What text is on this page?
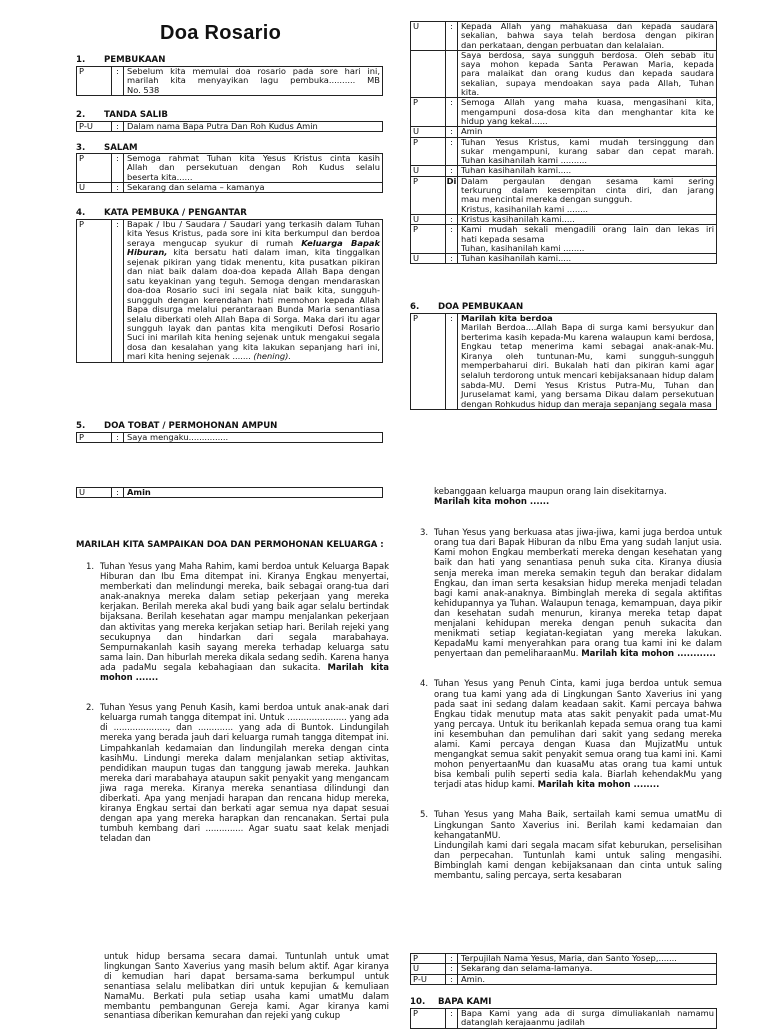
Doa Rosario
1. PEMBUKAAN
P	:	Sebelum kita memulai doa rosario pada sore hari ini,
marilah kita menyayikan lagu pembuka.......... MB
No. 538
2. TANDA SALIB
P-U	:	Dalam nama Bapa Putra Dan Roh Kudus Amin
3. SALAM
P	:	Semoga rahmat Tuhan kita Yesus Kristus cinta kasih
Allah dan persekutuan dengan Roh Kudus selalu
beserta kita......

U	:	Sekarang dan selama – kamanya
4. KATA PEMBUKA / PENGANTAR
P	:	Bapak / Ibu / Saudara / Saudari yang terkasih dalam Tuhan kita Yesus Kristus, pada sore ini kita berkumpul dan berdoa seraya mengucap syukur di rumah Keluarga Bapak Hiburan, kita bersatu hati dalam iman, kita tinggalkan sejenak pikiran yang tidak menentu, kita pusatkan pikiran dan niat baik dalam doa-doa kepada Allah Bapa dengan satu keyakinan yang teguh. Semoga dengan mendaraskan doa-doa Rosario suci ini segala niat baik kita, sungguh-sungguh dengan kerendahan hati memohon kepada Allah Bapa disurga melalui perantaraan Bunda Maria senantiasa selalu diberkati oleh Allah Bapa di Sorga. Maka dari itu agar sungguh layak dan pantas kita mengikuti Defosi Rosario Suci ini marilah kita hening sejenak untuk mengakui segala dosa dan kesalahan yang kita lakukan sepanjang hari ini, mari kita hening sejenak ....... (hening).
5. DOA TOBAT / PERMOHONAN AMPUN
P	:	Saya mengaku...............
U	:	Kepada Allah yang mahakuasa dan kepada saudara
sekalian, bahwa saya telah berdosa dengan pikiran
dan perkataan, dengan perbuatan dan kelalaian.

		Saya berdosa, saya sungguh berdosa. Oleh sebab itu
saya mohon kepada Santa Perawan Maria, kepada
para malaikat dan orang kudus dan kepada saudara
sekalian, supaya mendoakan saya pada Allah, Tuhan
kita.

P	:	Semoga Allah yang maha kuasa, mengasihani kita,
mengampuni dosa-dosa kita dan menghantar kita ke
hidup yang kekal......

U	:	Amin

P	:	Tuhan Yesus Kristus, kami mudah tersinggung dan
sukar mengampuni, kurang sabar dan cepat marah.
Tuhan kasihanilah kami ..........

U	:	Tuhan kasihanilah kami.....

P	Di	Dalam pergaulan dengan sesama kami sering
terkurung dalam kesempitan cinta diri, dan jarang
mau mencintai mereka dengan sungguh.
Kristus, kasihanilah kami ........

U	:	Kristus kasihanilah kami.....

P	:	Kami mudah sekali mengadili orang lain dan lekas iri
hati kepada sesama
Tuhan, kasihanilah kami ........

U	:	Tuhan kasihanilah kami.....
6. DOA PEMBUKAAN
P	:	Marilah kita berdoa
Marilah Berdoa....Allah Bapa di surga kami bersyukur dan berterima kasih kepada-Mu karena walaupun kami berdosa, Engkau tetap menerima kami sebagai anak-anak-Mu. Kiranya oleh tuntunan-Mu, kami sungguh-sungguh memperbaharui diri. Bukalah hati dan pikiran kami agar selaluh terdorong untuk mencari kebijaksanaan hidup dalam sabda-MU. Demi Yesus Kristus Putra-Mu, Tuhan dan Juruselamat kami, yang bersama Dikau dalam persekutuan dengan Rohkudus hidup dan meraja sepanjang segala masa
U	:	Amin
MARILAH KITA SAMPAIKAN DOA DAN PERMOHONAN KELUARGA :
1. Tuhan Yesus yang Maha Rahim, kami berdoa untuk Keluarga Bapak Hiburan dan Ibu Ema ditempat ini. Kiranya Engkau menyertai, memberkati dan melindungi mereka, baik sebagai orang-tua dari anak-anaknya mereka dalam setiap pekerjaan yang mereka kerjakan. Berilah mereka akal budi yang baik agar selalu bertindak bijaksana. Berilah kesehatan agar mampu menjalankan pekerjaan dan aktivitas yang mereka kerjakan setiap hari. Berilah rejeki yang secukupnya dan hindarkan dari segala marabahaya. Sempurnakanlah kasih sayang mereka terhadap keluarga satu sama lain. Dan hiburlah mereka dikala sedang sedih. Karena hanya ada padaMu segala kebahagiaan dan sukacita. Marilah kita mohon .......
2. Tuhan Yesus yang Penuh Kasih, kami berdoa untuk anak-anak dari keluarga rumah tangga ditempat ini. Untuk ...................... yang ada di ...................., dan ............. yang ada di Buntok. Lindungilah mereka yang berada jauh dari keluarga rumah tangga ditempat ini. Limpahkanlah kedamaian dan lindungilah mereka dengan cinta kasihMu. Lindungi mereka dalam menjalankan setiap aktivitas, pendidikan maupun tugas dan tanggung jawab mereka. Jauhkan mereka dari marabahaya ataupun sakit penyakit yang mengancam jiwa raga mereka. Kiranya mereka senantiasa dilindungi dan diberkati. Apa yang menjadi harapan dan rencana hidup mereka, kiranya Engkau sertai dan berkati agar semua nya dapat sesuai dengan apa yang mereka harapkan dan rencanakan. Sertai pula tumbuh kembang dari .............. Agar suatu saat kelak menjadi teladan dan
kebanggaan keluarga maupun orang lain disekitarnya.
Marilah kita mohon ......
3. Tuhan Yesus yang berkuasa atas jiwa-jiwa, kami juga berdoa untuk orang tua dari Bapak Hiburan da nIbu Ema yang sudah lanjut usia. Kami mohon Engkau memberkati mereka dengan kesehatan yang baik dan hati yang senantiasa penuh suka cita. Kiranya diusia senja mereka iman mereka semakin teguh dan berakar didalam Engkau, dan iman serta kesaksian hidup mereka menjadi teladan bagi kami anak-anaknya. Bimbinglah mereka di segala aktifitas kehidupannya ya Tuhan. Walaupun tenaga, kemampuan, daya pikir dan kesehatan sudah menurun, kiranya mereka tetap dapat menjalani kehidupan mereka dengan penuh sukacita dan menikmati setiap kegiatan-kegiatan yang mereka lakukan. KepadaMu kami menyerahkan para orang tua kami ini ke dalam penyertaan dan pemeliharaanMu. Marilah kita mohon ............
4. Tuhan Yesus yang Penuh Cinta, kami juga berdoa untuk semua orang tua kami yang ada di Lingkungan Santo Xaverius ini yang pada saat ini sedang dalam keadaan sakit. Kami percaya bahwa Engkau tidak menutup mata atas sakit penyakit pada umat-Mu yang percaya. Untuk itu berikanlah kepada semua orang tua kami ini kesembuhan dan pemulihan dari sakit yang sedang mereka alami. Kami percaya dengan Kuasa dan MujizatMu untuk mengangkat semua sakit penyakit semua orang tua kami ini. Kami mohon penyertaanMu dan kuasaMu atas orang tua kami untuk bisa kembali pulih seperti sedia kala. Biarlah kehendakMu yang terjadi atas hidup kami. Marilah kita mohon ........
5. Tuhan Yesus yang Maha Baik, sertailah kami semua umatMu di Lingkungan Santo Xaverius ini. Berilah kami kedamaian dan kehangatanMU.
Lindungilah kami dari segala macam sifat keburukan, perselisihan dan perpecahan. Tuntunlah kami untuk saling mengasihi. Bimbinglah kami dengan kebijaksanaan dan cinta untuk saling membantu, saling percaya, serta kesabaran
untuk hidup bersama secara damai. Tuntunlah untuk umat lingkungan Santo Xaverius yang masih belum aktif. Agar kiranya di kemudian hari dapat bersama-sama berkumpul untuk senantiasa selalu melibatkan diri untuk kepujian & kemuliaan NamaMu. Berkati pula setiap usaha kami umatMu dalam membantu pembangunan Gereja kami. Agar kiranya kami senantiasa diberikan kemurahan dan rejeki yang cukup
P	:	Terpujilah Nama Yesus, Maria, dan Santo Yosep,.......
U	:	Sekarang dan selama-lamanya.
P-U	:	Amin.
10. BAPA KAMI
P	:	Bapa Kami yang ada di surga dimuliakanlah namamu datanglah kerajaanmu jadilah
